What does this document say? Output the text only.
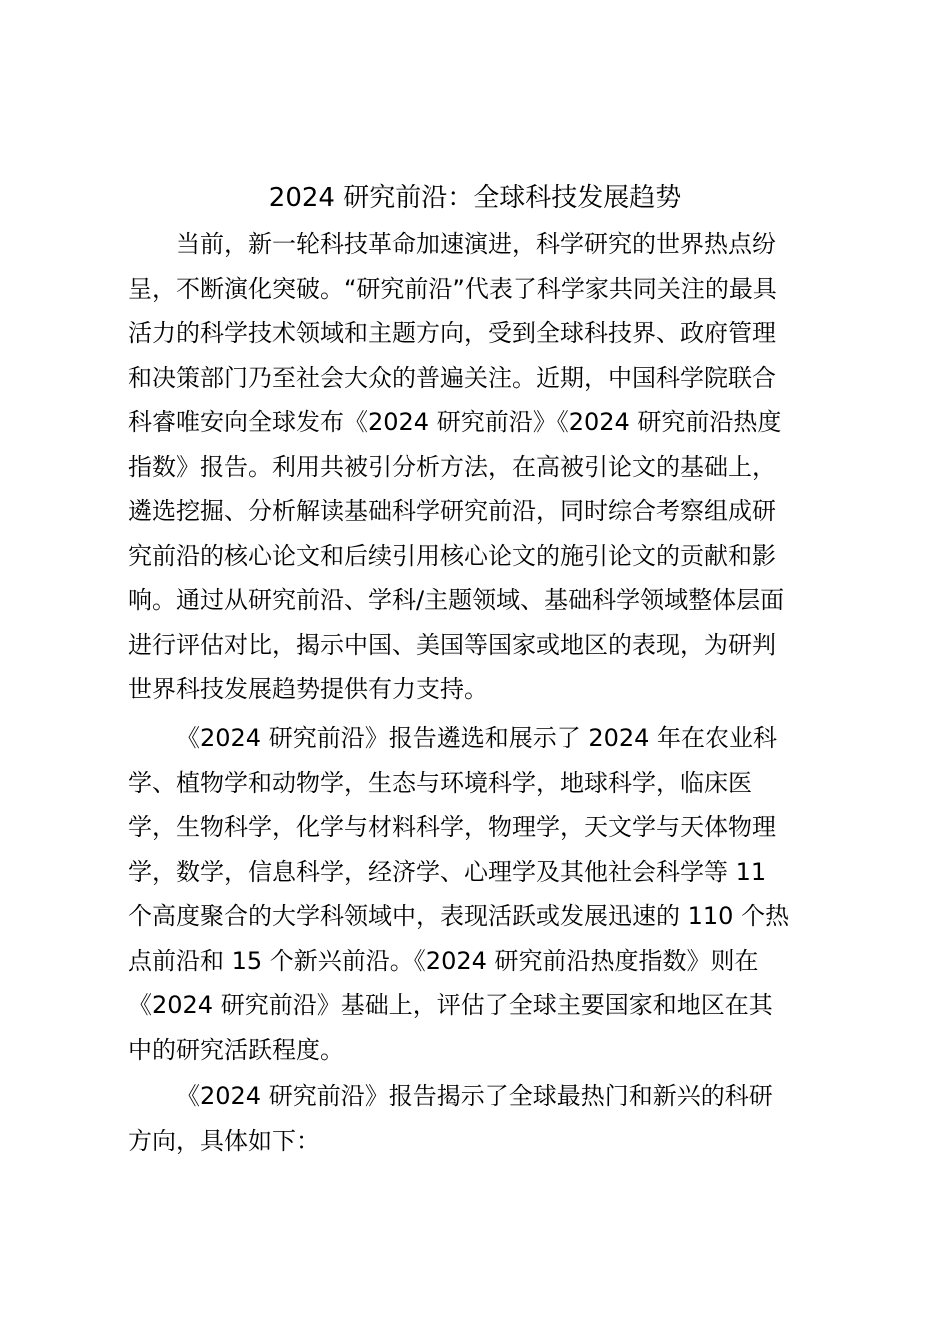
2024 研究前沿：全球科技发展趋势
当前，新一轮科技革命加速演进，科学研究的世界热点纷
呈，不断演化突破。“研究前沿”代表了科学家共同关注的最具
活力的科学技术领域和主题方向，受到全球科技界、政府管理
和决策部门乃至社会大众的普遍关注。近期，中国科学院联合
科睿唯安向全球发布《2024 研究前沿》《2024 研究前沿热度
指数》报告。利用共被引分析方法，在高被引论文的基础上，
遴选挖掘、分析解读基础科学研究前沿，同时综合考察组成研
究前沿的核心论文和后续引用核心论文的施引论文的贡献和影
响。通过从研究前沿、学科/主题领域、基础科学领域整体层面
进行评估对比，揭示中国、美国等国家或地区的表现，为研判
世界科技发展趋势提供有力支持。
《2024 研究前沿》报告遴选和展示了 2024 年在农业科
学、植物学和动物学，生态与环境科学，地球科学，临床医
学，生物科学，化学与材料科学，物理学，天文学与天体物理
学，数学，信息科学，经济学、心理学及其他社会科学等 11
个高度聚合的大学科领域中，表现活跃或发展迅速的 110 个热
点前沿和 15 个新兴前沿。《2024 研究前沿热度指数》则在
《2024 研究前沿》基础上，评估了全球主要国家和地区在其
中的研究活跃程度。
《2024 研究前沿》报告揭示了全球最热门和新兴的科研
方向，具体如下：
